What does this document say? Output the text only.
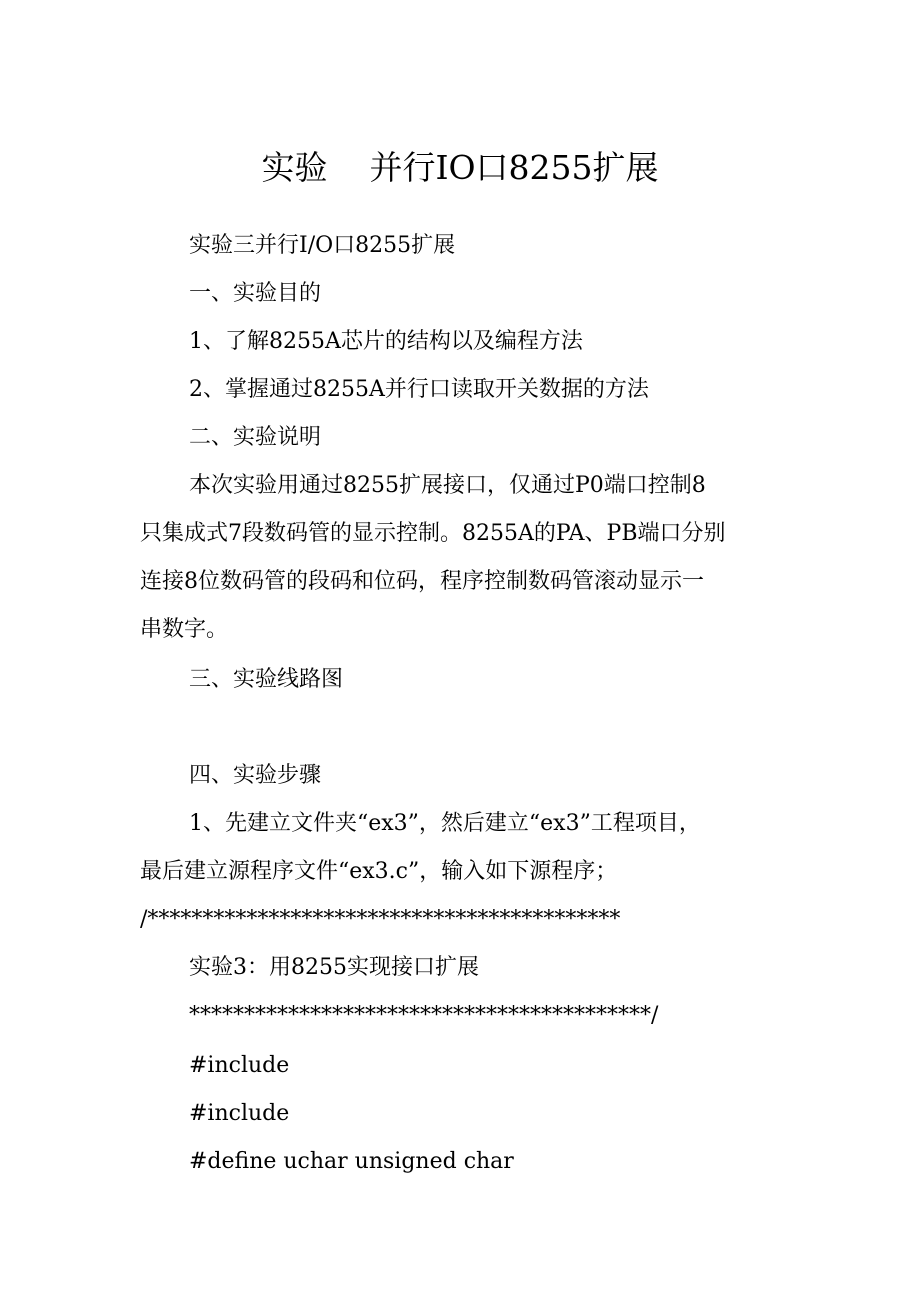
实验    并行IO口8255扩展
实验三并行I/O口8255扩展
一、实验目的
1、了解8255A芯片的结构以及编程方法
2、掌握通过8255A并行口读取开关数据的方法
二、实验说明
本次实验用通过8255扩展接口，仅通过P0端口控制8
只集成式7段数码管的显示控制。8255A的PA、PB端口分别
连接8位数码管的段码和位码，程序控制数码管滚动显示一
串数字。
三、实验线路图
四、实验步骤
1、先建立文件夹“ex3”，然后建立“ex3”工程项目，
最后建立源程序文件“ex3.c”，输入如下源程序；
/*******************************************
实验3：用8255实现接口扩展
******************************************/
#include
#include
#define uchar unsigned char
